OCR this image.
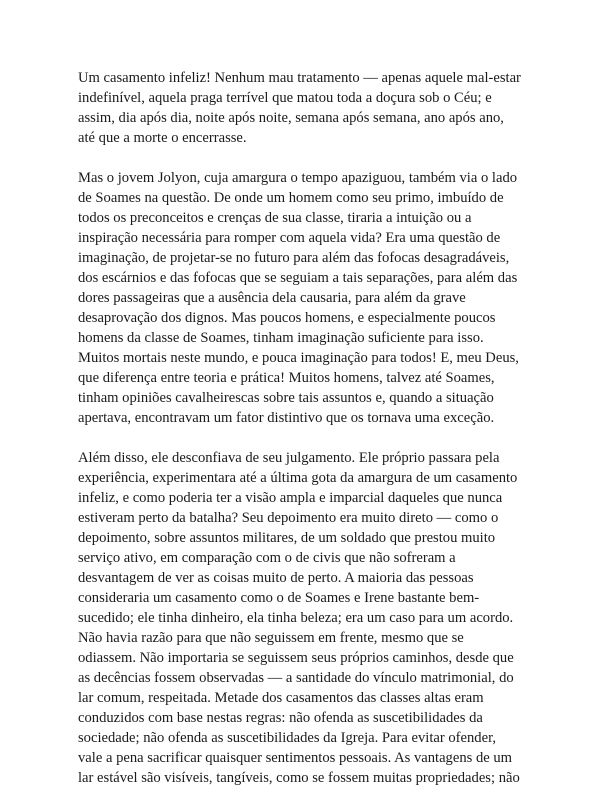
Um casamento infeliz! Nenhum mau tratamento — apenas aquele mal-estar
indefinível, aquela praga terrível que matou toda a doçura sob o Céu; e
assim, dia após dia, noite após noite, semana após semana, ano após ano,
até que a morte o encerrasse.

Mas o jovem Jolyon, cuja amargura o tempo apaziguou, também via o lado
de Soames na questão. De onde um homem como seu primo, imbuído de
todos os preconceitos e crenças de sua classe, tiraria a intuição ou a
inspiração necessária para romper com aquela vida? Era uma questão de
imaginação, de projetar-se no futuro para além das fofocas desagradáveis,
dos escárnios e das fofocas que se seguiam a tais separações, para além das
dores passageiras que a ausência dela causaria, para além da grave
desaprovação dos dignos. Mas poucos homens, e especialmente poucos
homens da classe de Soames, tinham imaginação suficiente para isso.
Muitos mortais neste mundo, e pouca imaginação para todos! E, meu Deus,
que diferença entre teoria e prática! Muitos homens, talvez até Soames,
tinham opiniões cavalheirescas sobre tais assuntos e, quando a situação
apertava, encontravam um fator distintivo que os tornava uma exceção.

Além disso, ele desconfiava de seu julgamento. Ele próprio passara pela
experiência, experimentara até a última gota da amargura de um casamento
infeliz, e como poderia ter a visão ampla e imparcial daqueles que nunca
estiveram perto da batalha? Seu depoimento era muito direto — como o
depoimento, sobre assuntos militares, de um soldado que prestou muito
serviço ativo, em comparação com o de civis que não sofreram a
desvantagem de ver as coisas muito de perto. A maioria das pessoas
consideraria um casamento como o de Soames e Irene bastante bem-
sucedido; ele tinha dinheiro, ela tinha beleza; era um caso para um acordo.
Não havia razão para que não seguissem em frente, mesmo que se
odiassem. Não importaria se seguissem seus próprios caminhos, desde que
as decências fossem observadas — a santidade do vínculo matrimonial, do
lar comum, respeitada. Metade dos casamentos das classes altas eram
conduzidos com base nestas regras: não ofenda as suscetibilidades da
sociedade; não ofenda as suscetibilidades da Igreja. Para evitar ofender,
vale a pena sacrificar quaisquer sentimentos pessoais. As vantagens de um
lar estável são visíveis, tangíveis, como se fossem muitas propriedades; não
